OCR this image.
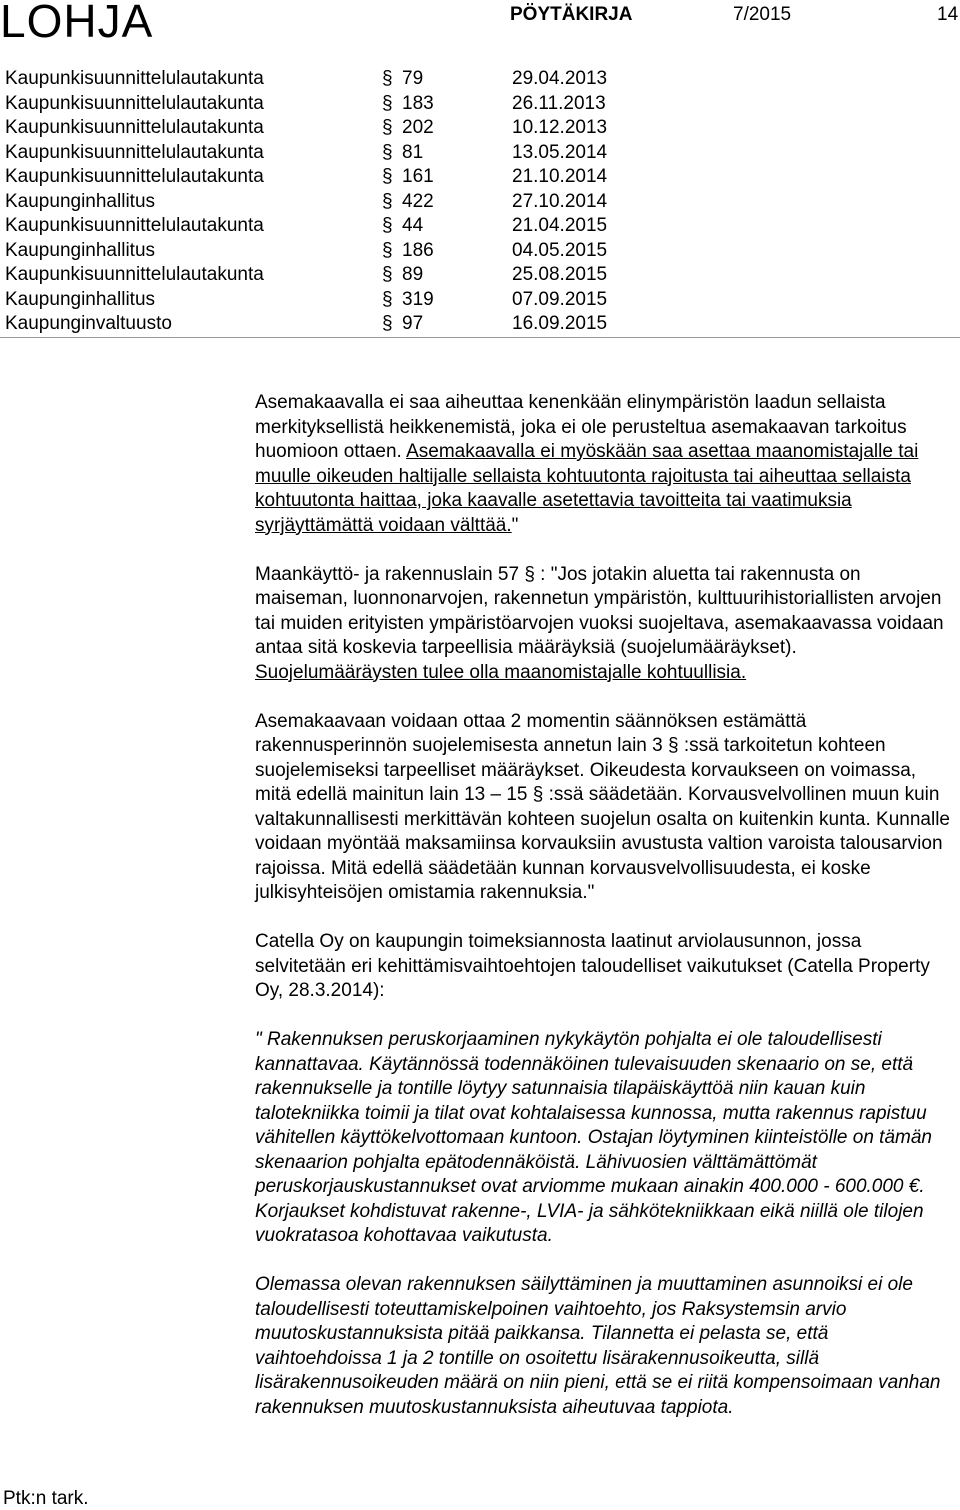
LOHJA	PÖYTÄKIRJA	7/2015	14
Kaupunkisuunnittelulautakunta	§ 79	29.04.2013
Kaupunkisuunnittelulautakunta	§ 183	26.11.2013
Kaupunkisuunnittelulautakunta	§ 202	10.12.2013
Kaupunkisuunnittelulautakunta	§ 81	13.05.2014
Kaupunkisuunnittelulautakunta	§ 161	21.10.2014
Kaupunginhallitus	§ 422	27.10.2014
Kaupunkisuunnittelulautakunta	§ 44	21.04.2015
Kaupunginhallitus	§ 186	04.05.2015
Kaupunkisuunnittelulautakunta	§ 89	25.08.2015
Kaupunginhallitus	§ 319	07.09.2015
Kaupunginvaltuusto	§ 97	16.09.2015

Asemakaavalla ei saa aiheuttaa kenenkään elinympäristön laadun sellaista merkityksellistä heikkenemistä, joka ei ole perusteltua asemakaavan tarkoitus huomioon ottaen. Asemakaavalla ei myöskään saa asettaa maanomistajalle tai muulle oikeuden haltijalle sellaista kohtuutonta rajoitusta tai aiheuttaa sellaista kohtuutonta haittaa, joka kaavalle asetettavia tavoitteita tai vaatimuksia syrjäyttämättä voidaan välttää."

Maankäyttö- ja rakennuslain 57 § : "Jos jotakin aluetta tai rakennusta on maiseman, luonnonarvojen, rakennetun ympäristön, kulttuurihistoriallisten arvojen tai muiden erityisten ympäristöarvojen vuoksi suojeltava, asemakaavassa voidaan antaa sitä koskevia tarpeellisia määräyksiä (suojelumääräykset). Suojelumääräysten tulee olla maanomistajalle kohtuullisia.

Asemakaavaan voidaan ottaa 2 momentin säännöksen estämättä rakennusperinnön suojelemisesta annetun lain 3 § :ssä tarkoitetun kohteen suojelemiseksi tarpeelliset määräykset. Oikeudesta korvaukseen on voimassa, mitä edellä mainitun lain 13 – 15 § :ssä säädetään. Korvausvelvollinen muun kuin valtakunnallisesti merkittävän kohteen suojelun osalta on kuitenkin kunta. Kunnalle voidaan myöntää maksamiinsa korvauksiin avustusta valtion varoista talousarvion rajoissa. Mitä edellä säädetään kunnan korvausvelvollisuudesta, ei koske julkisyhteisöjen omistamia rakennuksia."

Catella Oy on kaupungin toimeksiannosta laatinut arviolausunnon, jossa selvitetään eri kehittämisvaihtoehtojen taloudelliset vaikutukset (Catella Property Oy, 28.3.2014):

" Rakennuksen peruskorjaaminen nykykäytön pohjalta ei ole taloudellisesti kannattavaa. Käytännössä todennäköinen tulevaisuuden skenaario on se, että rakennukselle ja tontille löytyy satunnaisia tilapäiskäyttöä niin kauan kuin talotekniikka toimii ja tilat ovat kohtalaisessa kunnossa, mutta rakennus rapistuu vähitellen käyttökelvottomaan kuntoon. Ostajan löytyminen kiinteistölle on tämän skenaarion pohjalta epätodennäköistä. Lähivuosien välttämättömät peruskorjauskustannukset ovat arviomme mukaan ainakin 400.000 - 600.000 €. Korjaukset kohdistuvat rakenne-, LVIA- ja sähkötekniikkaan eikä niillä ole tilojen vuokratasoa kohottavaa vaikutusta.

Olemassa olevan rakennuksen säilyttäminen ja muuttaminen asunnoiksi ei ole taloudellisesti toteuttamiskelpoinen vaihtoehto, jos Raksystemsin arvio muutoskustannuksista pitää paikkansa. Tilannetta ei pelasta se, että vaihtoehdoissa 1 ja 2 tontille on osoitettu lisärakennusoikeutta, sillä lisärakennusoikeuden määrä on niin pieni, että se ei riitä kompensoimaan vanhan rakennuksen muutoskustannuksista aiheutuvaa tappiota.

Ptk:n tark.
